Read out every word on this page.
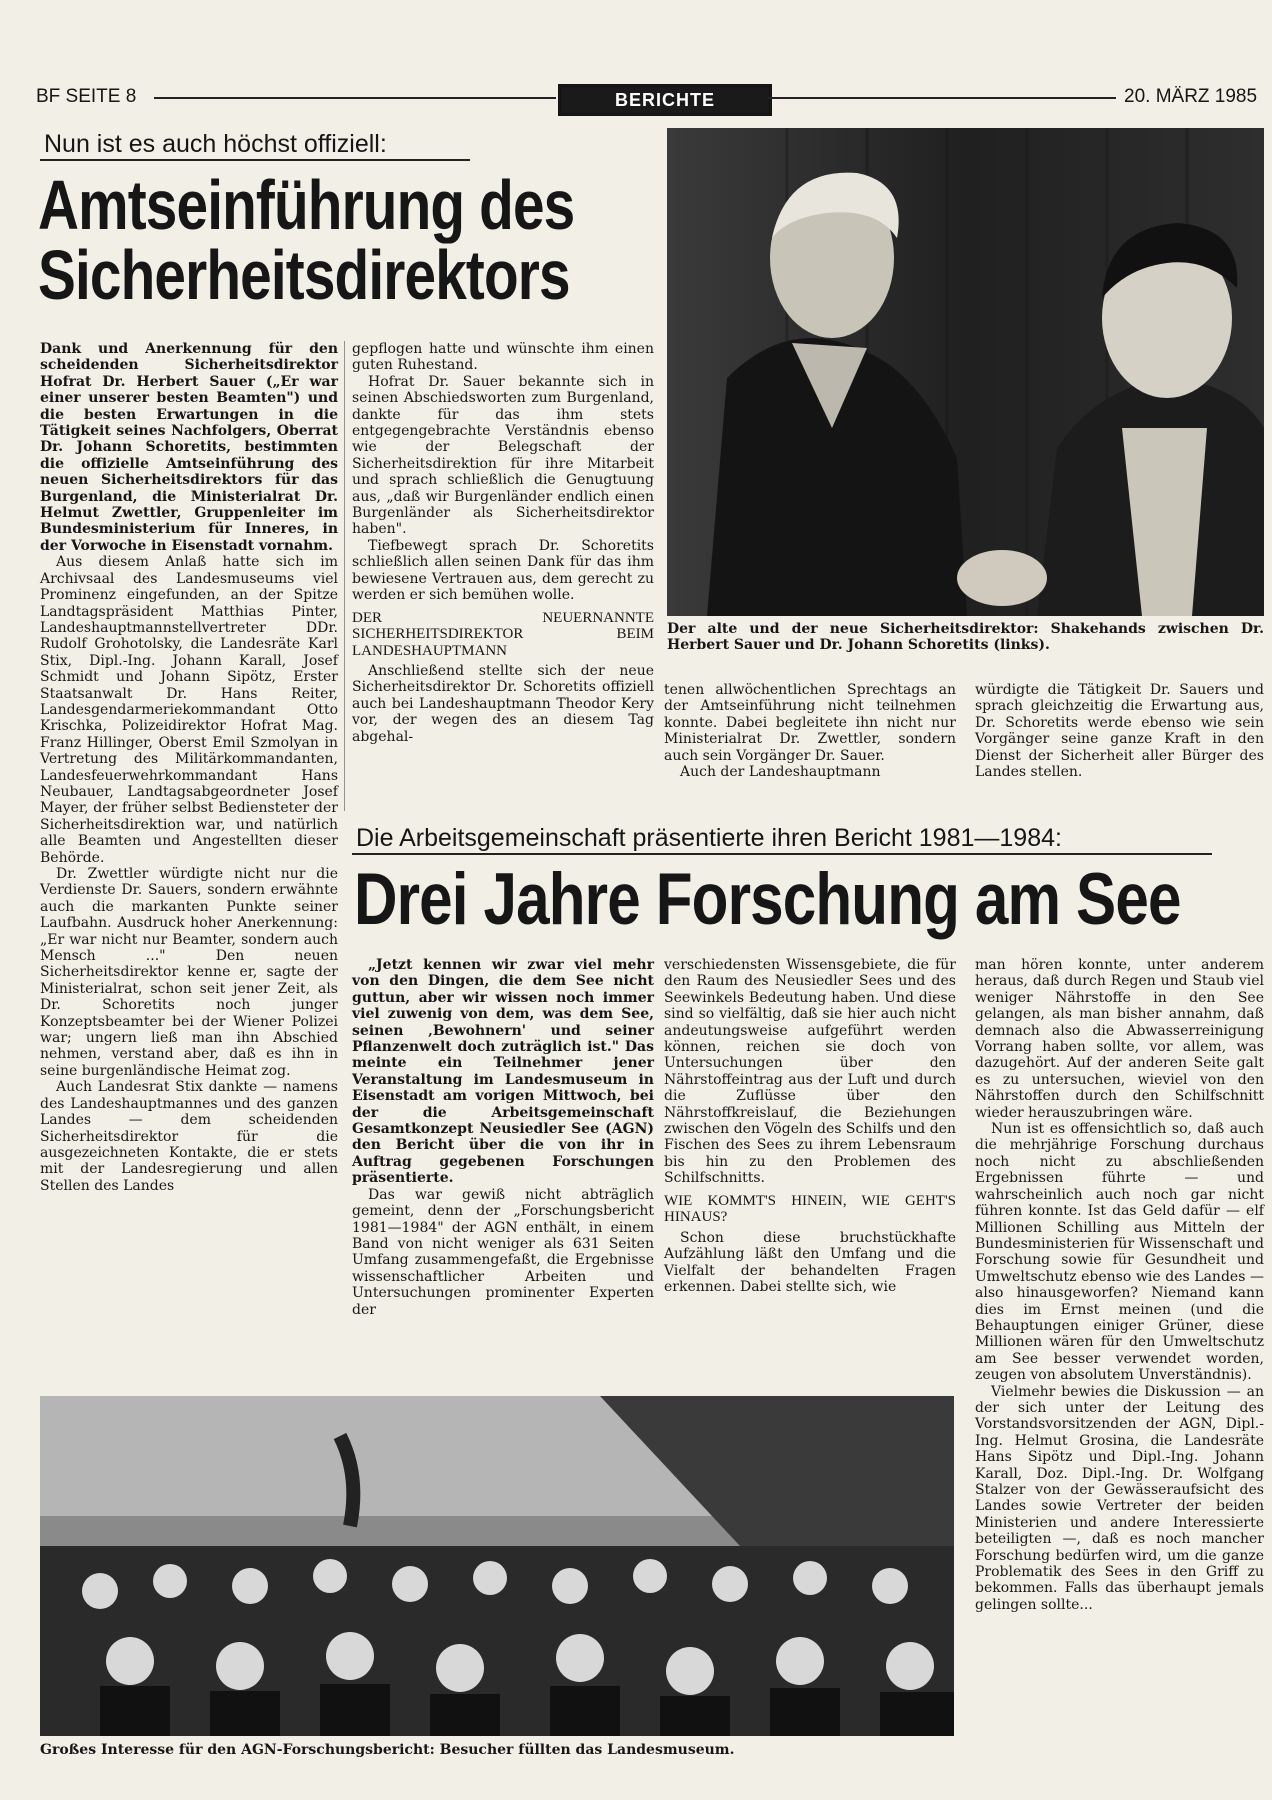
BF SEITE 8	BERICHTE	20. MÄRZ 1985
Nun ist es auch höchst offiziell:
Amtseinführung des
Sicherheitsdirektors
Der alte und der neue Sicherheitsdirektor: Shakehands zwischen Dr. Herbert Sauer und Dr. Johann Schoretits (links).

Dank und Anerkennung für den scheidenden Sicherheitsdirektor Hofrat Dr. Herbert Sauer („Er war einer unserer besten Beamten") und die besten Erwartungen in die Tätigkeit seines Nachfolgers, Oberrat Dr. Johann Schoretits, bestimmten die offizielle Amtseinführung des neuen Sicherheitsdirektors für das Burgenland, die Ministerialrat Dr. Helmut Zwettler, Gruppenleiter im Bundesministerium für Inneres, in der Vorwoche in Eisenstadt vornahm.

Aus diesem Anlaß hatte sich im Archivsaal des Landesmuseums viel Prominenz eingefunden, an der Spitze Landtagspräsident Matthias Pinter, Landeshauptmannstellvertreter DDr. Rudolf Grohotolsky, die Landesräte Karl Stix, Dipl.-Ing. Johann Karall, Josef Schmidt und Johann Sipötz, Erster Staatsanwalt Dr. Hans Reiter, Landesgendarmeriekommandant Otto Krischka, Polizeidirektor Hofrat Mag. Franz Hillinger, Oberst Emil Szmolyan in Vertretung des Militärkommandanten, Landesfeuerwehrkommandant Hans Neubauer, Landtagsabgeordneter Josef Mayer, der früher selbst Bediensteter der Sicherheitsdirektion war, und natürlich alle Beamten und Angestellten dieser Behörde.

Dr. Zwettler würdigte nicht nur die Verdienste Dr. Sauers, sondern erwähnte auch die markanten Punkte seiner Laufbahn. Ausdruck hoher Anerkennung: „Er war nicht nur Beamter, sondern auch Mensch ..." Den neuen Sicherheitsdirektor kenne er, sagte der Ministerialrat, schon seit jener Zeit, als Dr. Schoretits noch junger Konzeptsbeamter bei der Wiener Polizei war; ungern ließ man ihn Abschied nehmen, verstand aber, daß es ihn in seine burgenländische Heimat zog.

Auch Landesrat Stix dankte — namens des Landeshauptmannes und des ganzen Landes — dem scheidenden Sicherheitsdirektor für die ausgezeichneten Kontakte, die er stets mit der Landesregierung und allen Stellen des Landes

gepflogen hatte und wünschte ihm einen guten Ruhestand.

Hofrat Dr. Sauer bekannte sich in seinen Abschiedsworten zum Burgenland, dankte für das ihm stets entgegengebrachte Verständnis ebenso wie der Belegschaft der Sicherheitsdirektion für ihre Mitarbeit und sprach schließlich die Genugtuung aus, „daß wir Burgenländer endlich einen Burgenländer als Sicherheitsdirektor haben".

Tiefbewegt sprach Dr. Schoretits schließlich allen seinen Dank für das ihm bewiesene Vertrauen aus, dem gerecht zu werden er sich bemühen wolle.

DER NEUERNANNTE SICHERHEITSDIREKTOR BEIM LANDESHAUPTMANN

Anschließend stellte sich der neue Sicherheitsdirektor Dr. Schoretits offiziell auch bei Landeshauptmann Theodor Kery vor, der wegen des an diesem Tag abgehal-

tenen allwöchentlichen Sprechtags an der Amtseinführung nicht teilnehmen konnte. Dabei begleitete ihn nicht nur Ministerialrat Dr. Zwettler, sondern auch sein Vorgänger Dr. Sauer.

Auch der Landeshauptmann

würdigte die Tätigkeit Dr. Sauers und sprach gleichzeitig die Erwartung aus, Dr. Schoretits werde ebenso wie sein Vorgänger seine ganze Kraft in den Dienst der Sicherheit aller Bürger des Landes stellen.

Die Arbeitsgemeinschaft präsentierte ihren Bericht 1981—1984:
Drei Jahre Forschung am See

„Jetzt kennen wir zwar viel mehr von den Dingen, die dem See nicht guttun, aber wir wissen noch immer viel zuwenig von dem, was dem See, seinen ‚Bewohnern' und seiner Pflanzenwelt doch zuträglich ist." Das meinte ein Teilnehmer jener Veranstaltung im Landesmuseum in Eisenstadt am vorigen Mittwoch, bei der die Arbeitsgemeinschaft Gesamtkonzept Neusiedler See (AGN) den Bericht über die von ihr in Auftrag gegebenen Forschungen präsentierte.

Das war gewiß nicht abträglich gemeint, denn der „Forschungsbericht 1981—1984" der AGN enthält, in einem Band von nicht weniger als 631 Seiten Umfang zusammengefaßt, die Ergebnisse wissenschaftlicher Arbeiten und Untersuchungen prominenter Experten der

verschiedensten Wissensgebiete, die für den Raum des Neusiedler Sees und des Seewinkels Bedeutung haben. Und diese sind so vielfältig, daß sie hier auch nicht andeutungsweise aufgeführt werden können, reichen sie doch von Untersuchungen über den Nährstoffeintrag aus der Luft und durch die Zuflüsse über den Nährstoffkreislauf, die Beziehungen zwischen den Vögeln des Schilfs und den Fischen des Sees zu ihrem Lebensraum bis hin zu den Problemen des Schilfschnitts.

WIE KOMMT'S HINEIN, WIE GEHT'S HINAUS?

Schon diese bruchstückhafte Aufzählung läßt den Umfang und die Vielfalt der behandelten Fragen erkennen. Dabei stellte sich, wie

man hören konnte, unter anderem heraus, daß durch Regen und Staub viel weniger Nährstoffe in den See gelangen, als man bisher annahm, daß demnach also die Abwasserreinigung Vorrang haben sollte, vor allem, was dazugehört. Auf der anderen Seite galt es zu untersuchen, wieviel von den Nährstoffen durch den Schilfschnitt wieder herauszubringen wäre.

Nun ist es offensichtlich so, daß auch die mehrjährige Forschung durchaus noch nicht zu abschließenden Ergebnissen führte — und wahrscheinlich auch noch gar nicht führen konnte. Ist das Geld dafür — elf Millionen Schilling aus Mitteln der Bundesministerien für Wissenschaft und Forschung sowie für Gesundheit und Umweltschutz ebenso wie des Landes — also hinausgeworfen? Niemand kann dies im Ernst meinen (und die Behauptungen einiger Grüner, diese Millionen wären für den Umweltschutz am See besser verwendet worden, zeugen von absolutem Unverständnis).

Vielmehr bewies die Diskussion — an der sich unter der Leitung des Vorstandsvorsitzenden der AGN, Dipl.-Ing. Helmut Grosina, die Landesräte Hans Sipötz und Dipl.-Ing. Johann Karall, Doz. Dipl.-Ing. Dr. Wolfgang Stalzer von der Gewässeraufsicht des Landes sowie Vertreter der beiden Ministerien und andere Interessierte beteiligten —, daß es noch mancher Forschung bedürfen wird, um die ganze Problematik des Sees in den Griff zu bekommen. Falls das überhaupt jemals gelingen sollte...

Großes Interesse für den AGN-Forschungsbericht: Besucher füllten das Landesmuseum.
